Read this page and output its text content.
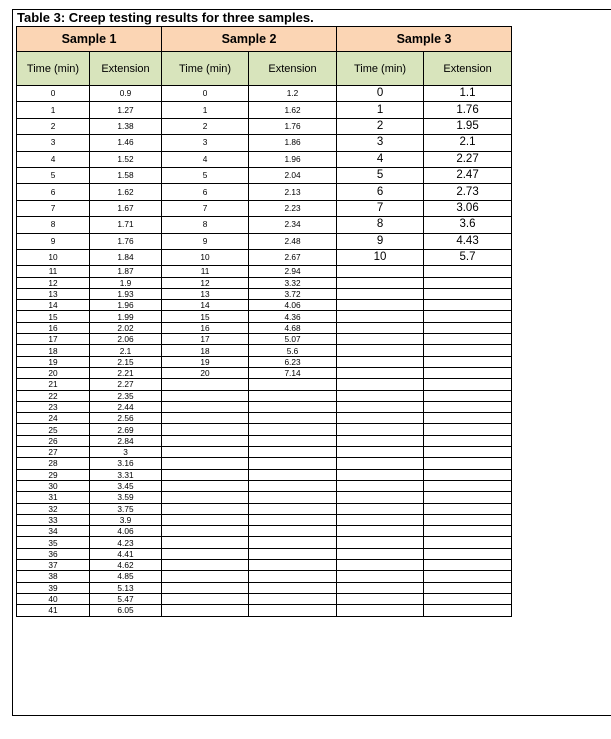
Table 3: Creep testing results for three samples.
Sample 1		Sample 2		Sample 3	
Time (min)	Extension	Time (min)	Extension	Time (min)	Extension
0	0.9	0	1.2	0	1.1
1	1.27	1	1.62	1	1.76
2	1.38	2	1.76	2	1.95
3	1.46	3	1.86	3	2.1
4	1.52	4	1.96	4	2.27
5	1.58	5	2.04	5	2.47
6	1.62	6	2.13	6	2.73
7	1.67	7	2.23	7	3.06
8	1.71	8	2.34	8	3.6
9	1.76	9	2.48	9	4.43
10	1.84	10	2.67	10	5.7
11	1.87	11	2.94		
12	1.9	12	3.32		
13	1.93	13	3.72		
14	1.96	14	4.06		
15	1.99	15	4.36		
16	2.02	16	4.68		
17	2.06	17	5.07		
18	2.1	18	5.6		
19	2.15	19	6.23		
20	2.21	20	7.14		
21	2.27				
22	2.35				
23	2.44				
24	2.56				
25	2.69				
26	2.84				
27	3				
28	3.16				
29	3.31				
30	3.45				
31	3.59				
32	3.75				
33	3.9				
34	4.06				
35	4.23				
36	4.41				
37	4.62				
38	4.85				
39	5.13				
40	5.47				
41	6.05				
